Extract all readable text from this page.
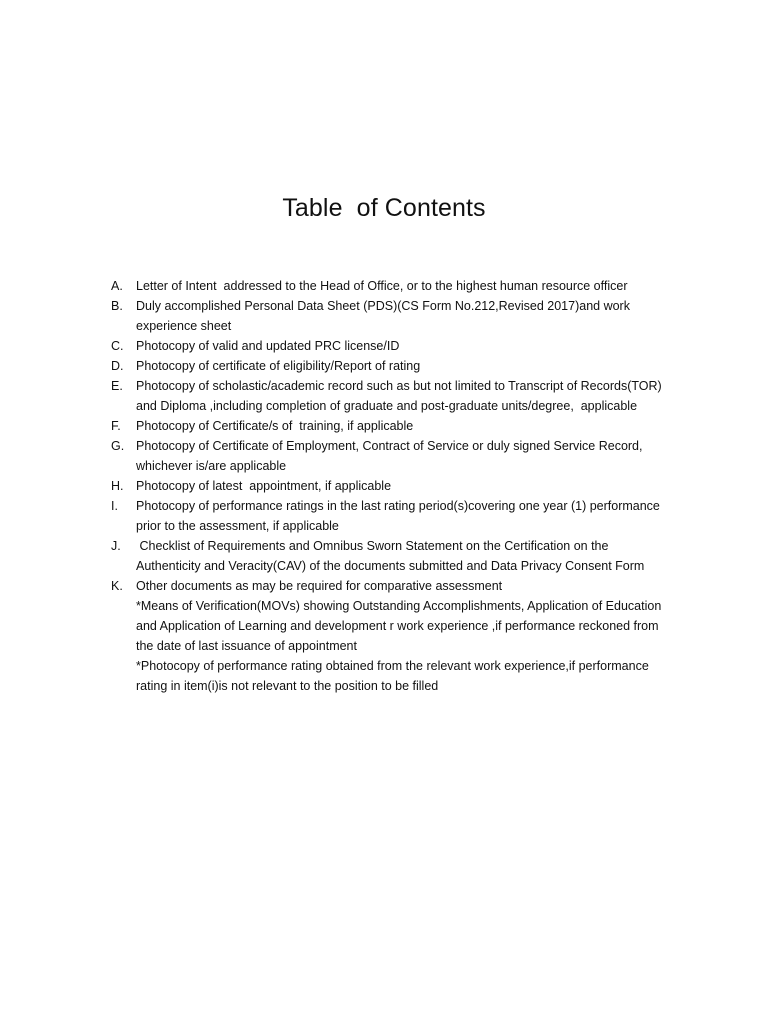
Table  of Contents
A.	Letter of Intent  addressed to the Head of Office, or to the highest human resource officer
B.	Duly accomplished Personal Data Sheet (PDS)(CS Form No.212,Revised 2017)and work
experience sheet
C.	Photocopy of valid and updated PRC license/ID
D.	Photocopy of certificate of eligibility/Report of rating
E.	Photocopy of scholastic/academic record such as but not limited to Transcript of Records(TOR)
and Diploma ,including completion of graduate and post-graduate units/degree,  applicable
F.	Photocopy of Certificate/s of  training, if applicable
G. Photocopy of Certificate of Employment, Contract of Service or duly signed Service Record,
whichever is/are applicable
H.	Photocopy of latest  appointment, if applicable
I.	Photocopy of performance ratings in the last rating period(s)covering one year (1) performance
prior to the assessment, if applicable
J.	Checklist of Requirements and Omnibus Sworn Statement on the Certification on the
Authenticity and Veracity(CAV) of the documents submitted and Data Privacy Consent Form
K.	Other documents as may be required for comparative assessment
*Means of Verification(MOVs) showing Outstanding Accomplishments, Application of Education
and Application of Learning and development r work experience ,if performance reckoned from
the date of last issuance of appointment
*Photocopy of performance rating obtained from the relevant work experience,if performance
rating in item(i)is not relevant to the position to be filled
